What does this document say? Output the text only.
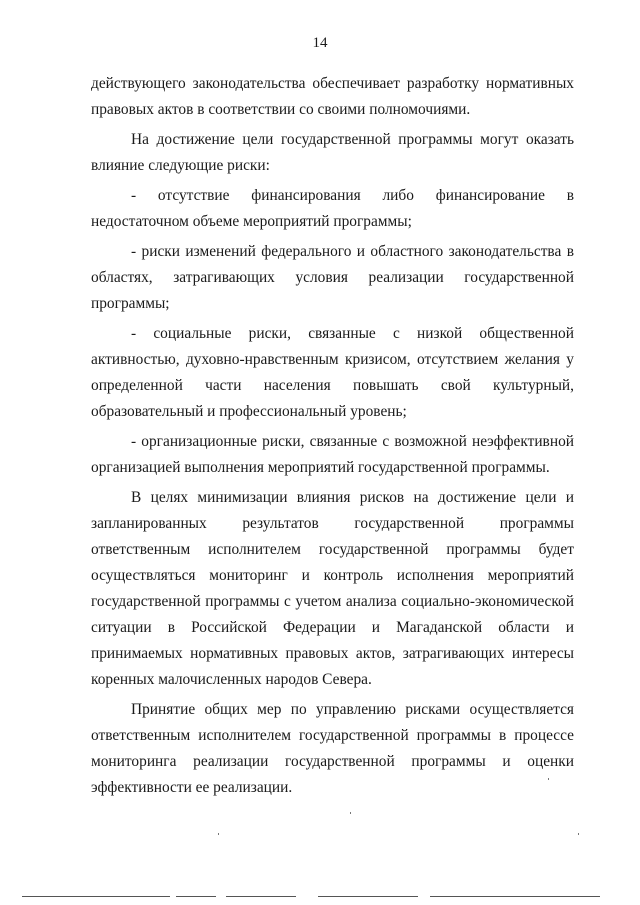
14

действующего законодательства обеспечивает разработку нормативных правовых актов в соответствии со своими полномочиями.

На достижение цели государственной программы могут оказать влияние следующие риски:

- отсутствие финансирования либо финансирование в недостаточном объеме мероприятий программы;

- риски изменений федерального и областного законодательства в областях, затрагивающих условия реализации государственной программы;

- социальные риски, связанные с низкой общественной активностью, духовно-нравственным кризисом, отсутствием желания у определенной части населения повышать свой культурный, образовательный и профессиональный уровень;

- организационные риски, связанные с возможной неэффективной организацией выполнения мероприятий государственной программы.

В целях минимизации влияния рисков на достижение цели и запланированных результатов государственной программы ответственным исполнителем государственной программы будет осуществляться мониторинг и контроль исполнения мероприятий государственной программы с учетом анализа социально-экономической ситуации в Российской Федерации и Магаданской области и принимаемых нормативных правовых актов, затрагивающих интересы коренных малочисленных народов Севера.

Принятие общих мер по управлению рисками осуществляется ответственным исполнителем государственной программы в процессе мониторинга реализации государственной программы и оценки эффективности ее реализации.
